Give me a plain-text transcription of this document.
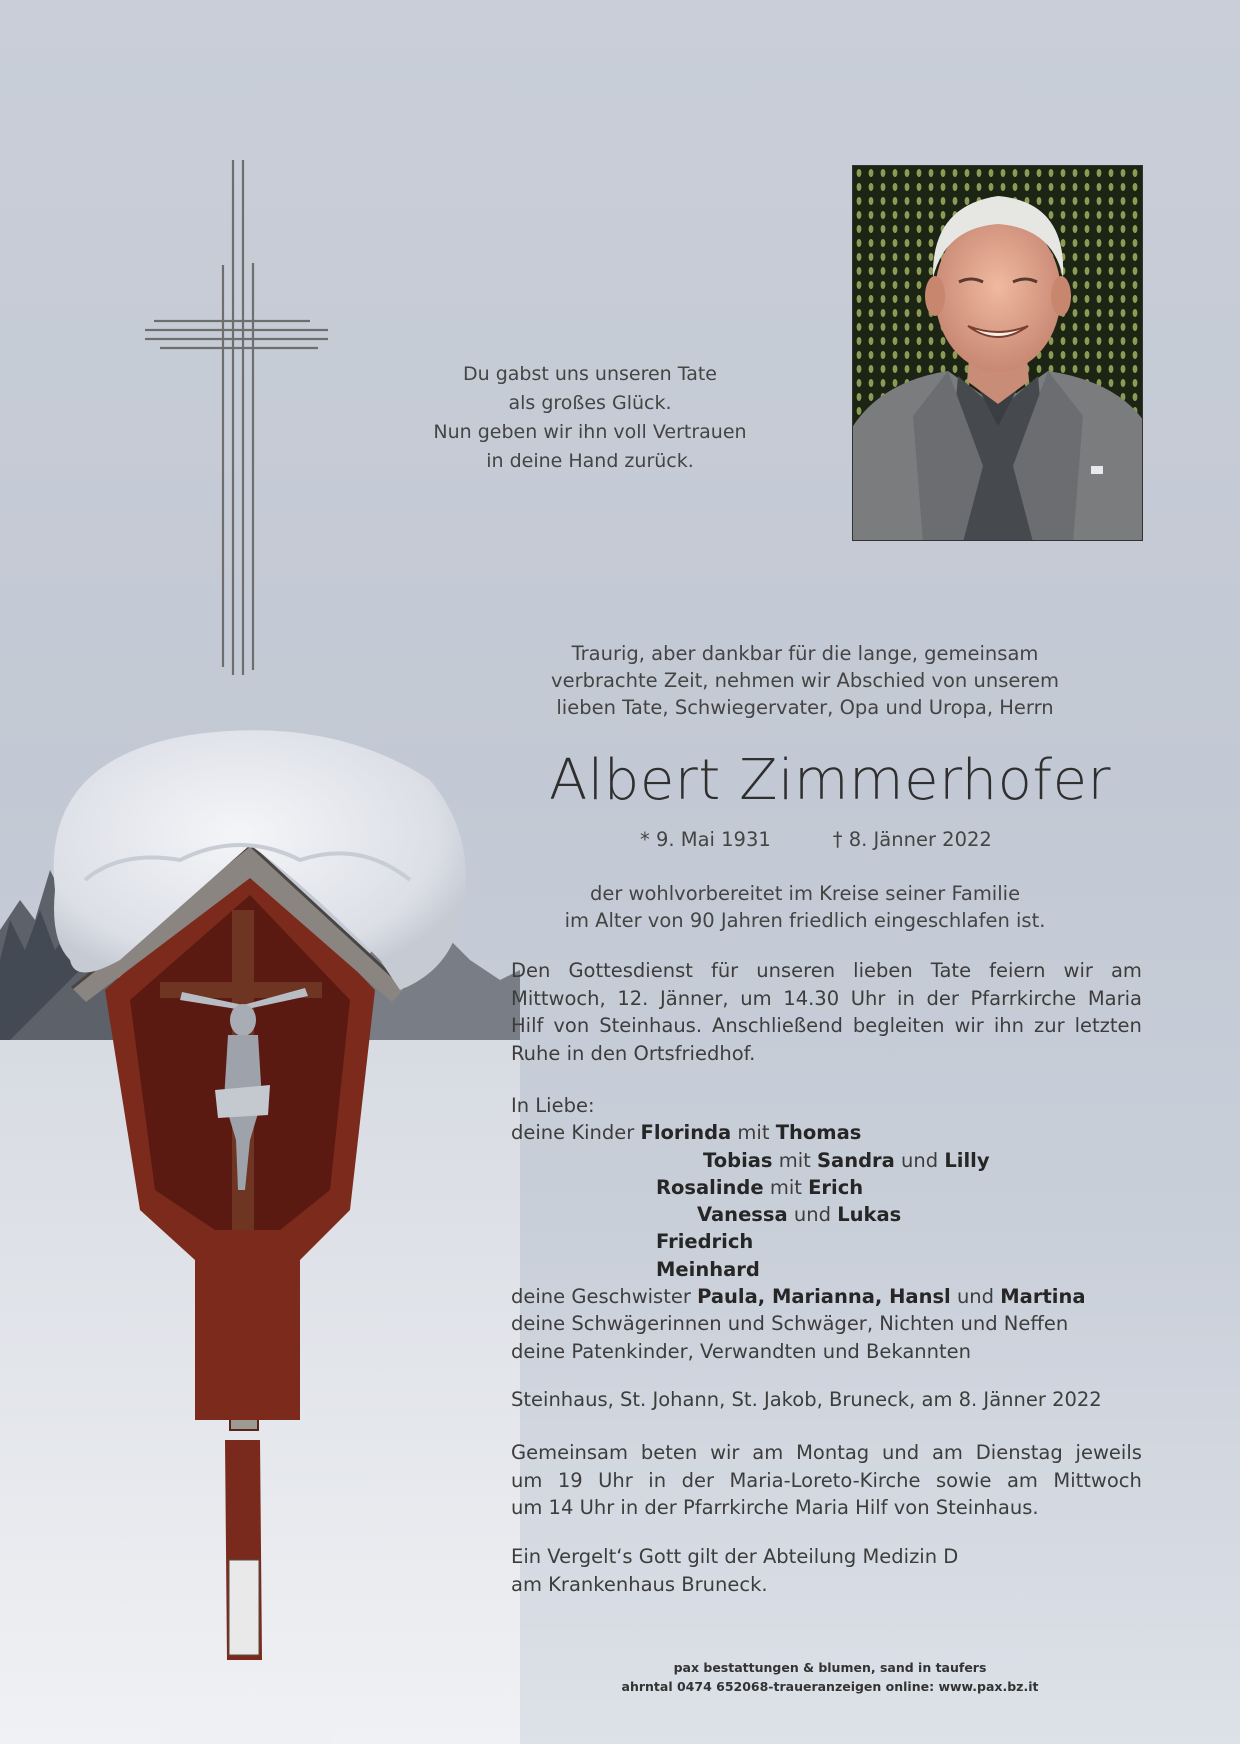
Du gabst uns unseren Tate
als großes Glück.
Nun geben wir ihn voll Vertrauen
in deine Hand zurück.
Traurig, aber dankbar für die lange, gemeinsam
verbrachte Zeit, nehmen wir Abschied von unserem
lieben Tate, Schwiegervater, Opa und Uropa, Herrn
Albert Zimmerhofer
* 9. Mai 1931	† 8. Jänner 2022
der wohlvorbereitet im Kreise seiner Familie
im Alter von 90 Jahren friedlich eingeschlafen ist.
Den Gottesdienst für unseren lieben Tate feiern wir am
Mittwoch, 12. Jänner, um 14.30 Uhr in der Pfarrkirche Maria
Hilf von Steinhaus. Anschließend begleiten wir ihn zur letzten
Ruhe in den Ortsfriedhof.
In Liebe:
deine Kinder Florinda mit Thomas
Tobias mit Sandra und Lilly
Rosalinde mit Erich
Vanessa und Lukas
Friedrich
Meinhard
deine Geschwister Paula, Marianna, Hansl und Martina
deine Schwägerinnen und Schwäger, Nichten und Neffen
deine Patenkinder, Verwandten und Bekannten
Steinhaus, St. Johann, St. Jakob, Bruneck, am 8. Jänner 2022
Gemeinsam beten wir am Montag und am Dienstag jeweils
um 19 Uhr in der Maria-Loreto-Kirche sowie am Mittwoch
um 14 Uhr in der Pfarrkirche Maria Hilf von Steinhaus.
Ein Vergelt‘s Gott gilt der Abteilung Medizin D
am Krankenhaus Bruneck.
pax bestattungen & blumen, sand in taufers
ahrntal 0474 652068-traueranzeigen online: www.pax.bz.it
